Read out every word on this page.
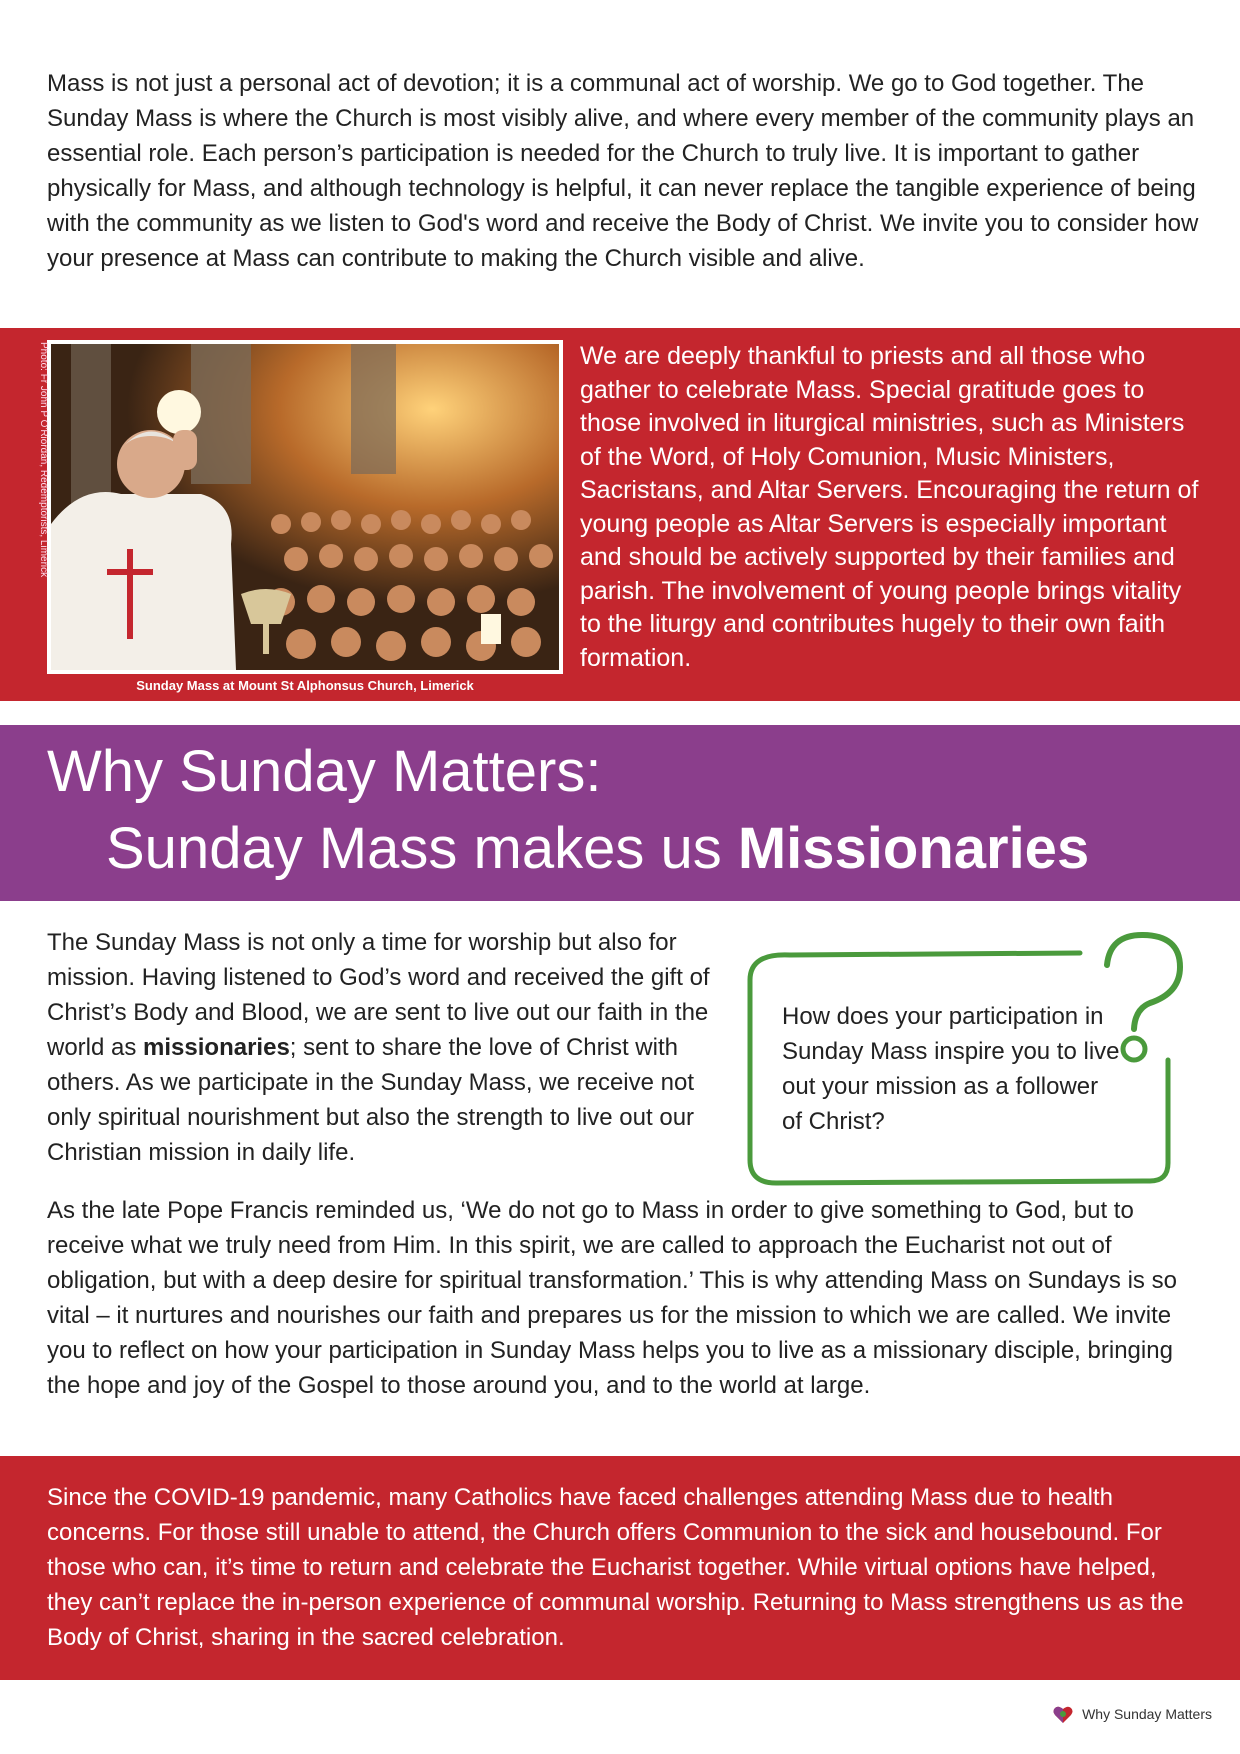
Mass is not just a personal act of devotion; it is a communal act of worship. We go to God together. The Sunday Mass is where the Church is most visibly alive, and where every member of the community plays an essential role. Each person’s participation is needed for the Church to truly live. It is important to gather physically for Mass, and although technology is helpful, it can never replace the tangible experience of being with the community as we listen to God's word and receive the Body of Christ. We invite you to consider how your presence at Mass can contribute to making the Church visible and alive.

Photo: Fr John P O'Riordan, Redemptorists, Limerick
Sunday Mass at Mount St Alphonsus Church, Limerick

We are deeply thankful to priests and all those who gather to celebrate Mass. Special gratitude goes to those involved in liturgical ministries, such as Ministers of the Word, of Holy Comunion, Music Ministers, Sacristans, and Altar Servers. Encouraging the return of young people as Altar Servers is especially important and should be actively supported by their families and parish. The involvement of young people brings vitality to the liturgy and contributes hugely to their own faith formation.

Why Sunday Matters:
Sunday Mass makes us Missionaries

The Sunday Mass is not only a time for worship but also for mission. Having listened to God’s word and received the gift of Christ’s Body and Blood, we are sent to live out our faith in the world as missionaries; sent to share the love of Christ with others. As we participate in the Sunday Mass, we receive not only spiritual nourishment but also the strength to live out our Christian mission in daily life.

How does your participation in Sunday Mass inspire you to live out your mission as a follower of Christ?

As the late Pope Francis reminded us, ‘We do not go to Mass in order to give something to God, but to receive what we truly need from Him. In this spirit, we are called to approach the Eucharist not out of obligation, but with a deep desire for spiritual transformation.’ This is why attending Mass on Sundays is so vital – it nurtures and nourishes our faith and prepares us for the mission to which we are called. We invite you to reflect on how your participation in Sunday Mass helps you to live as a missionary disciple, bringing the hope and joy of the Gospel to those around you, and to the world at large.

Since the COVID-19 pandemic, many Catholics have faced challenges attending Mass due to health concerns. For those still unable to attend, the Church offers Communion to the sick and housebound. For those who can, it’s time to return and celebrate the Eucharist together. While virtual options have helped, they can’t replace the in-person experience of communal worship. Returning to Mass strengthens us as the Body of Christ, sharing in the sacred celebration.

Why Sunday Matters
